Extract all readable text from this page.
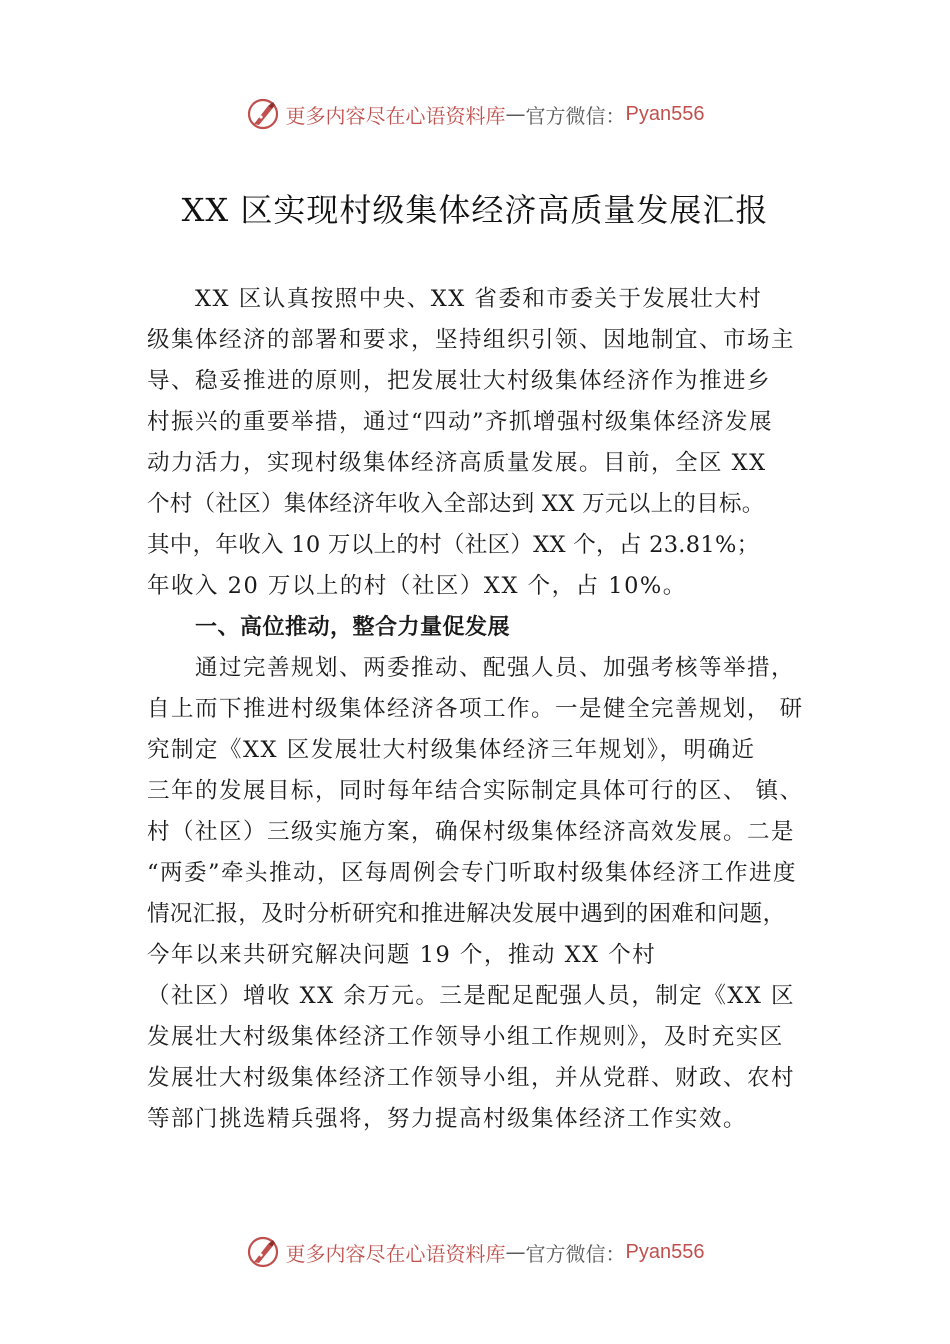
更多内容尽在心语资料库 — 官方微信： Pyan556
XX 区实现村级集体经济高质量发展汇报
XX 区认真按照中央、XX 省委和市委关于发展壮大村
级集体经济的部署和要求，坚持组织引领、因地制宜、市场主
导、稳妥推进的原则，把发展壮大村级集体经济作为推进乡
村振兴的重要举措，通过“四动”齐抓增强村级集体经济发展
动力活力，实现村级集体经济高质量发展。目前，全区 XX
个村（社区）集体经济年收入全部达到 XX 万元以上的目标。
其中，年收入 10 万以上的村（社区）XX 个，占 23.81%；
年收入 20 万以上的村（社区）XX 个，占 10%。
一、高位推动，整合力量促发展
通过完善规划、两委推动、配强人员、加强考核等举措，
自上而下推进村级集体经济各项工作。一是健全完善规划， 研
究制定《XX 区发展壮大村级集体经济三年规划》，明确近
三年的发展目标，同时每年结合实际制定具体可行的区、 镇、
村（社区）三级实施方案，确保村级集体经济高效发展。二是
“两委”牵头推动，区每周例会专门听取村级集体经济工作进度
情况汇报，及时分析研究和推进解决发展中遇到的困难和问题，
今年以来共研究解决问题 19 个，推动 XX 个村
（社区）增收 XX 余万元。三是配足配强人员，制定《XX 区
发展壮大村级集体经济工作领导小组工作规则》，及时充实区
发展壮大村级集体经济工作领导小组，并从党群、财政、农村
等部门挑选精兵强将，努力提高村级集体经济工作实效。
更多内容尽在心语资料库 — 官方微信： Pyan556
